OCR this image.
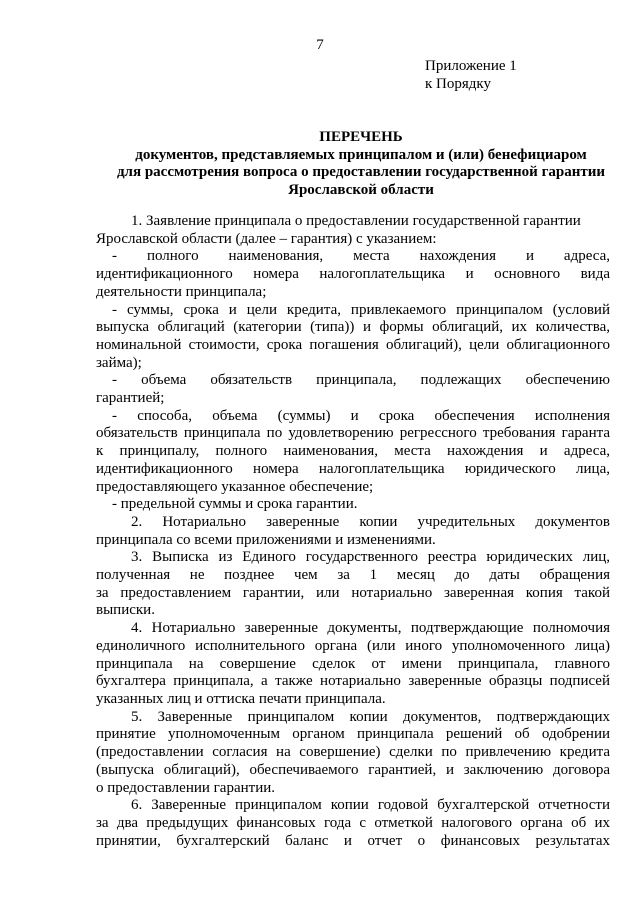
7
Приложение 1
к Порядку
ПЕРЕЧЕНЬ
документов, представляемых принципалом и (или) бенефициаром
для рассмотрения вопроса о предоставлении государственной гарантии
Ярославской области
1. Заявление принципала о предоставлении государственной гарантии
Ярославской области (далее – гарантия) с указанием:
- полного наименования, места нахождения и адреса,
идентификационного номера налогоплательщика и основного вида
деятельности принципала;
- суммы, срока и цели кредита, привлекаемого принципалом (условий
выпуска облигаций (категории (типа)) и формы облигаций, их количества,
номинальной стоимости, срока погашения облигаций), цели облигационного
займа);
- объема обязательств принципала, подлежащих обеспечению
гарантией;
- способа, объема (суммы) и срока обеспечения исполнения
обязательств принципала по удовлетворению регрессного требования гаранта
к принципалу, полного наименования, места нахождения и адреса,
идентификационного номера налогоплательщика юридического лица,
предоставляющего указанное обеспечение;
- предельной суммы и срока гарантии.
2. Нотариально заверенные копии учредительных документов
принципала со всеми приложениями и изменениями.
3. Выписка из Единого государственного реестра юридических лиц,
полученная не позднее чем за 1 месяц до даты обращения
за предоставлением гарантии, или нотариально заверенная копия такой
выписки.
4. Нотариально заверенные документы, подтверждающие полномочия
единоличного исполнительного органа (или иного уполномоченного лица)
принципала на совершение сделок от имени принципала, главного
бухгалтера принципала, а также нотариально заверенные образцы подписей
указанных лиц и оттиска печати принципала.
5. Заверенные принципалом копии документов, подтверждающих
принятие уполномоченным органом принципала решений об одобрении
(предоставлении согласия на совершение) сделки по привлечению кредита
(выпуска облигаций), обеспечиваемого гарантией, и заключению договора
о предоставлении гарантии.
6. Заверенные принципалом копии годовой бухгалтерской отчетности
за два предыдущих финансовых года с отметкой налогового органа об их
принятии, бухгалтерский баланс и отчет о финансовых результатах
